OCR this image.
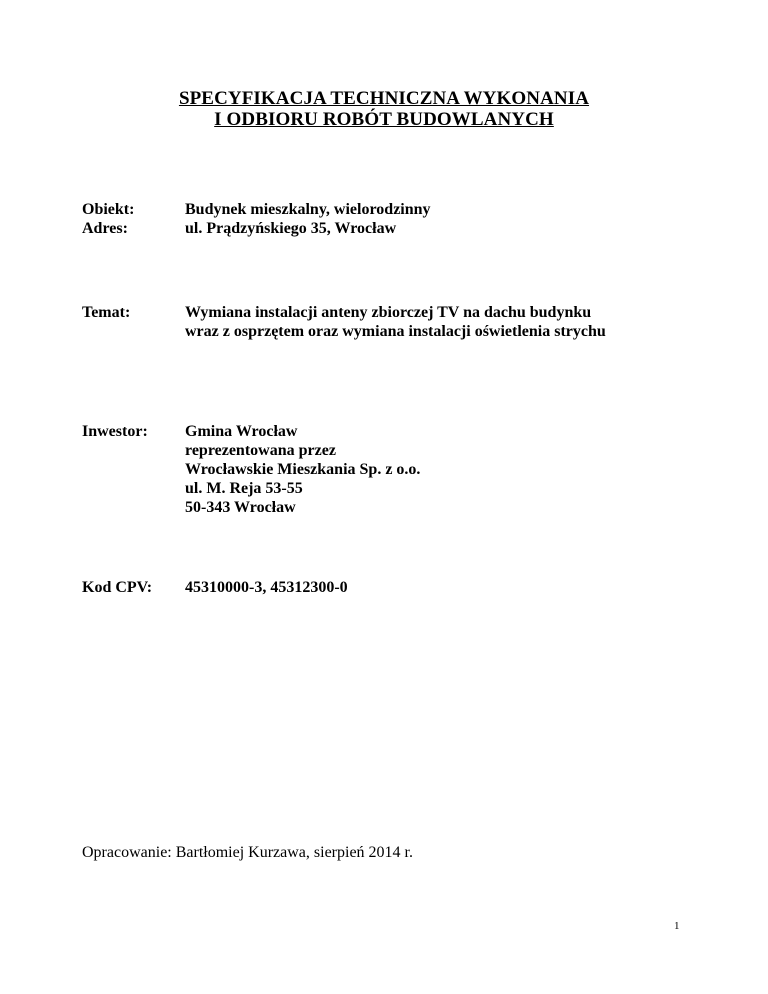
SPECYFIKACJA TECHNICZNA WYKONANIA
I ODBIORU ROBÓT BUDOWLANYCH
Obiekt:	Budynek mieszkalny, wielorodzinny
Adres:	ul. Prądzyńskiego 35, Wrocław
Temat:	Wymiana instalacji anteny zbiorczej TV na dachu budynku
wraz z osprzętem oraz wymiana instalacji oświetlenia strychu
Inwestor: Gmina Wrocław
reprezentowana przez
Wrocławskie Mieszkania Sp. z o.o.
ul. M. Reja 53-55
50-343 Wrocław
Kod CPV: 45310000-3, 45312300-0
Opracowanie: Bartłomiej Kurzawa, sierpień 2014 r.
1
